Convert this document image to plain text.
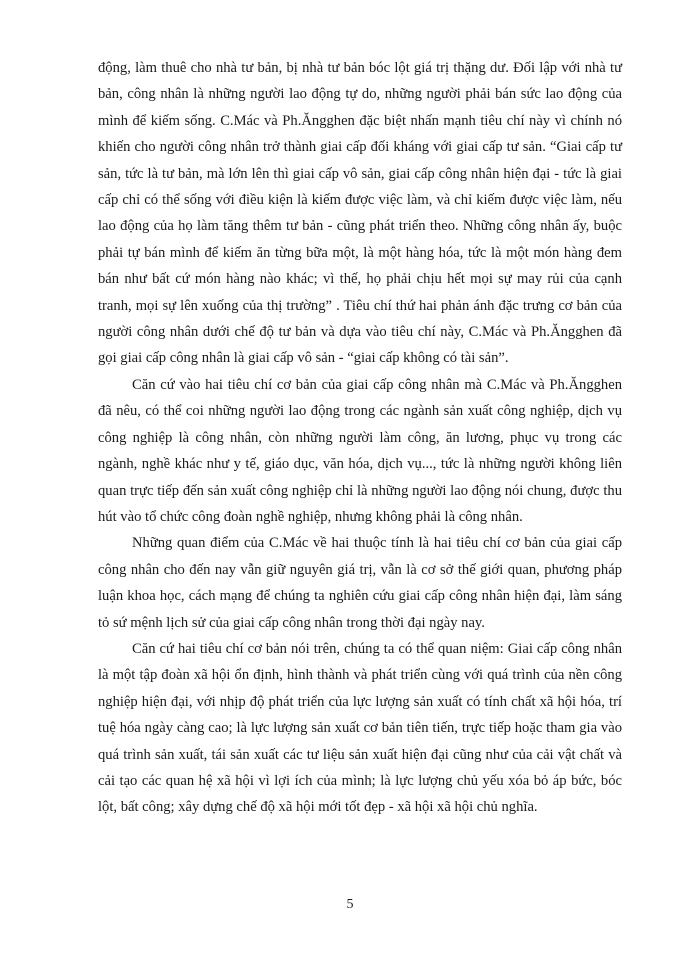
động, làm thuê cho nhà tư bản, bị nhà tư bản bóc lột giá trị thặng dư. Đối lập với nhà tư bản, công nhân là những người lao động tự do, những người phải bán sức lao động của mình để kiếm sống. C.Mác và Ph.Ăngghen đặc biệt nhấn mạnh tiêu chí này vì chính nó khiến cho người công nhân trở thành giai cấp đối kháng với giai cấp tư sản. “Giai cấp tư sản, tức là tư bản, mà lớn lên thì giai cấp vô sản, giai cấp công nhân hiện đại - tức là giai cấp chỉ có thể sống với điều kiện là kiếm được việc làm, và chỉ kiếm được việc làm, nếu lao động của họ làm tăng thêm tư bản - cũng phát triển theo. Những công nhân ấy, buộc phải tự bán mình để kiếm ăn từng bữa một, là một hàng hóa, tức là một món hàng đem bán như bất cứ món hàng nào khác; vì thế, họ phải chịu hết mọi sự may rủi của cạnh tranh, mọi sự lên xuống của thị trường” . Tiêu chí thứ hai phản ánh đặc trưng cơ bản của người công nhân dưới chế độ tư bản và dựa vào tiêu chí này, C.Mác và Ph.Ăngghen đã gọi giai cấp công nhân là giai cấp vô sản - “giai cấp không có tài sản”.

Căn cứ vào hai tiêu chí cơ bản của giai cấp công nhân mà C.Mác và Ph.Ăngghen đã nêu, có thể coi những người lao động trong các ngành sản xuất công nghiệp, dịch vụ công nghiệp là công nhân, còn những người làm công, ăn lương, phục vụ trong các ngành, nghề khác như y tế, giáo dục, văn hóa, dịch vụ..., tức là những người không liên quan trực tiếp đến sản xuất công nghiệp chỉ là những người lao động nói chung, được thu hút vào tổ chức công đoàn nghề nghiệp, nhưng không phải là công nhân.

Những quan điểm của C.Mác về hai thuộc tính là hai tiêu chí cơ bản của giai cấp công nhân cho đến nay vẫn giữ nguyên giá trị, vẫn là cơ sở thế giới quan, phương pháp luận khoa học, cách mạng để chúng ta nghiên cứu giai cấp công nhân hiện đại, làm sáng tỏ sứ mệnh lịch sử của giai cấp công nhân trong thời đại ngày nay.

Căn cứ hai tiêu chí cơ bản nói trên, chúng ta có thể quan niệm: Giai cấp công nhân là một tập đoàn xã hội ổn định, hình thành và phát triển cùng với quá trình của nền công nghiệp hiện đại, với nhịp độ phát triển của lực lượng sản xuất có tính chất xã hội hóa, trí tuệ hóa ngày càng cao; là lực lượng sản xuất cơ bản tiên tiến, trực tiếp hoặc tham gia vào quá trình sản xuất, tái sản xuất các tư liệu sản xuất hiện đại cũng như của cải vật chất và cải tạo các quan hệ xã hội vì lợi ích của mình; là lực lượng chủ yếu xóa bỏ áp bức, bóc lột, bất công; xây dựng chế độ xã hội mới tốt đẹp - xã hội xã hội chủ nghĩa.

5
